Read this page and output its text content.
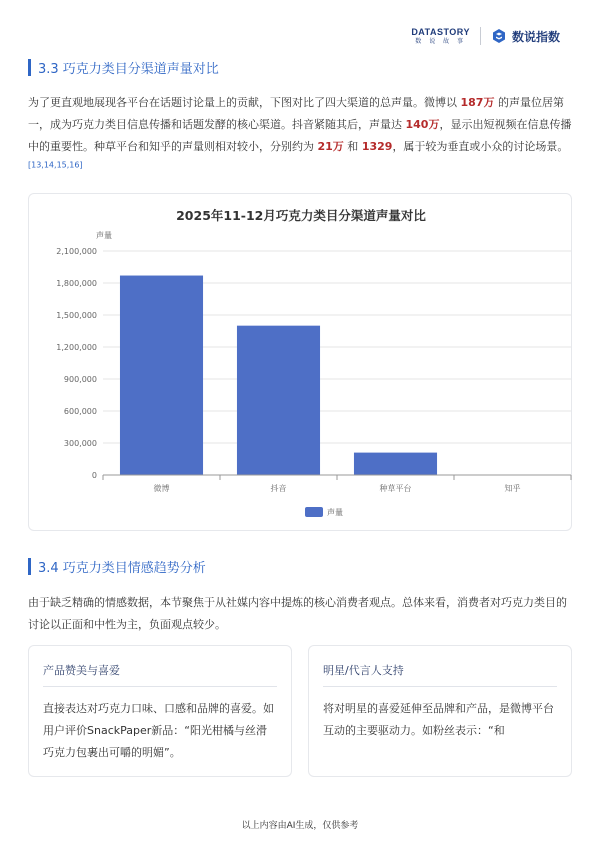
DATASTORY
数 说 故 事	数说指数
3.3 巧克力类目分渠道声量对比

为了更直观地展现各平台在话题讨论量上的贡献，下图对比了四大渠道的总声量。微博以 187万 的声量位居第一，成为巧克力类目信息传播和话题发酵的核心渠道。抖音紧随其后，声量达 140万，显示出短视频在信息传播中的重要性。种草平台和知乎的声量则相对较小，分别约为 21万 和 1329，属于较为垂直或小众的讨论场景。[13,14,15,16]

2025年11-12月巧克力类目分渠道声量对比
声量
0
300,000
600,000
900,000
1,200,000
1,500,000
1,800,000
2,100,000
微博	抖音	种草平台	知乎
声量
3.4 巧克力类目情感趋势分析

由于缺乏精确的情感数据，本节聚焦于从社媒内容中提炼的核心消费者观点。总体来看，消费者对巧克力类目的讨论以正面和中性为主，负面观点较少。

产品赞美与喜爱
直接表达对巧克力口味、口感和品牌的喜爱。如用户评价SnackPaper新品：“阳光柑橘与丝滑巧克力包裹出可嚼的明媚”。
明星/代言人支持
将对明星的喜爱延伸至品牌和产品，是微博平台互动的主要驱动力。如粉丝表示：“和
以上内容由AI生成，仅供参考
